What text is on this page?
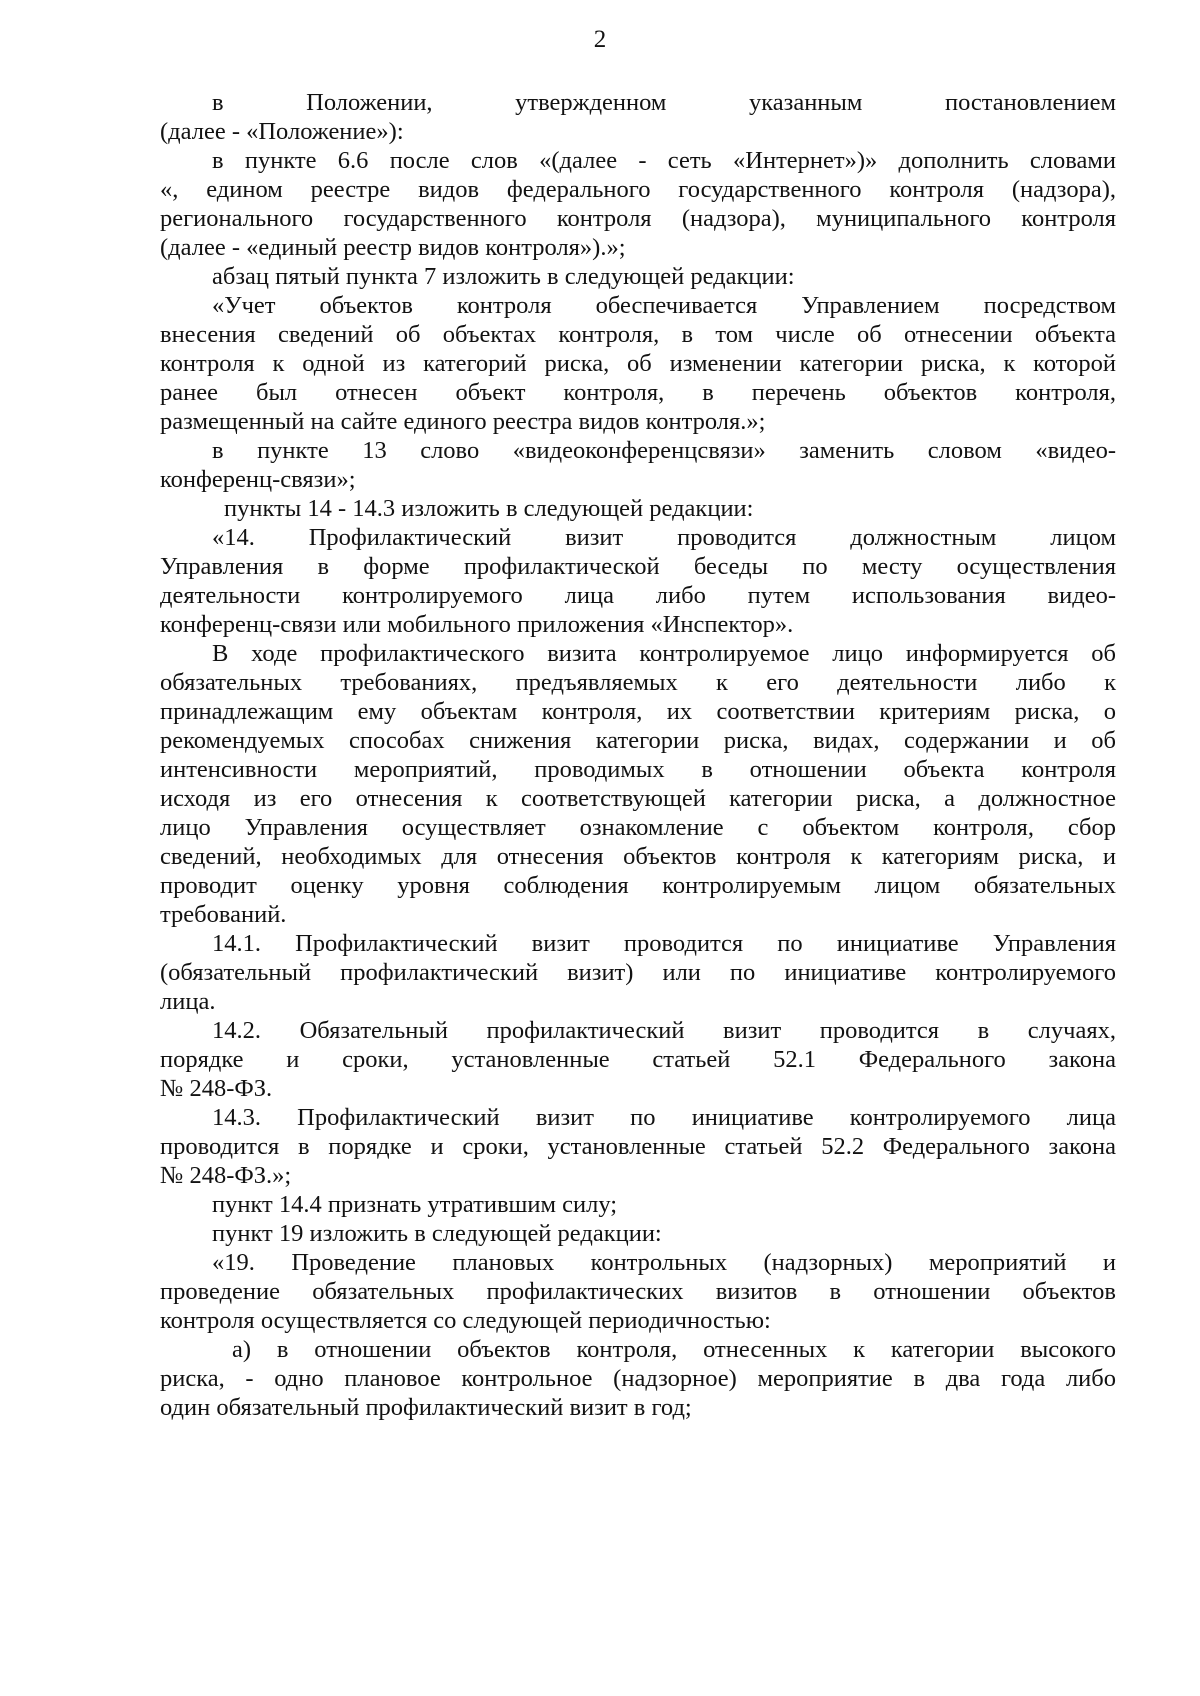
2
в Положении, утвержденном указанным постановлением
(далее - «Положение»):
в пункте 6.6 после слов «(далее - сеть «Интернет»)» дополнить словами
«, едином реестре видов федерального государственного контроля (надзора),
регионального государственного контроля (надзора), муниципального контроля
(далее - «единый реестр видов контроля»).»;
абзац пятый пункта 7 изложить в следующей редакции:
«Учет объектов контроля обеспечивается Управлением посредством
внесения сведений об объектах контроля, в том числе об отнесении объекта
контроля к одной из категорий риска, об изменении категории риска, к которой
ранее был отнесен объект контроля, в перечень объектов контроля,
размещенный на сайте единого реестра видов контроля.»;
в пункте 13 слово «видеоконференцсвязи» заменить словом «видео-
конференц-связи»;
пункты 14 - 14.3 изложить в следующей редакции:
«14. Профилактический визит проводится должностным лицом
Управления в форме профилактической беседы по месту осуществления
деятельности контролируемого лица либо путем использования видео-
конференц-связи или мобильного приложения «Инспектор».
В ходе профилактического визита контролируемое лицо информируется об
обязательных требованиях, предъявляемых к его деятельности либо к
принадлежащим ему объектам контроля, их соответствии критериям риска, о
рекомендуемых способах снижения категории риска, видах, содержании и об
интенсивности мероприятий, проводимых в отношении объекта контроля
исходя из его отнесения к соответствующей категории риска, а должностное
лицо Управления осуществляет ознакомление с объектом контроля, сбор
сведений, необходимых для отнесения объектов контроля к категориям риска, и
проводит оценку уровня соблюдения контролируемым лицом обязательных
требований.
14.1. Профилактический визит проводится по инициативе Управления
(обязательный профилактический визит) или по инициативе контролируемого
лица.
14.2. Обязательный профилактический визит проводится в случаях,
порядке и сроки, установленные статьей 52.1 Федерального закона
№ 248-ФЗ.
14.3. Профилактический визит по инициативе контролируемого лица
проводится в порядке и сроки, установленные статьей 52.2 Федерального закона
№ 248-ФЗ.»;
пункт 14.4 признать утратившим силу;
пункт 19 изложить в следующей редакции:
«19. Проведение плановых контрольных (надзорных) мероприятий и
проведение обязательных профилактических визитов в отношении объектов
контроля осуществляется со следующей периодичностью:
а) в отношении объектов контроля, отнесенных к категории высокого
риска, - одно плановое контрольное (надзорное) мероприятие в два года либо
один обязательный профилактический визит в год;
